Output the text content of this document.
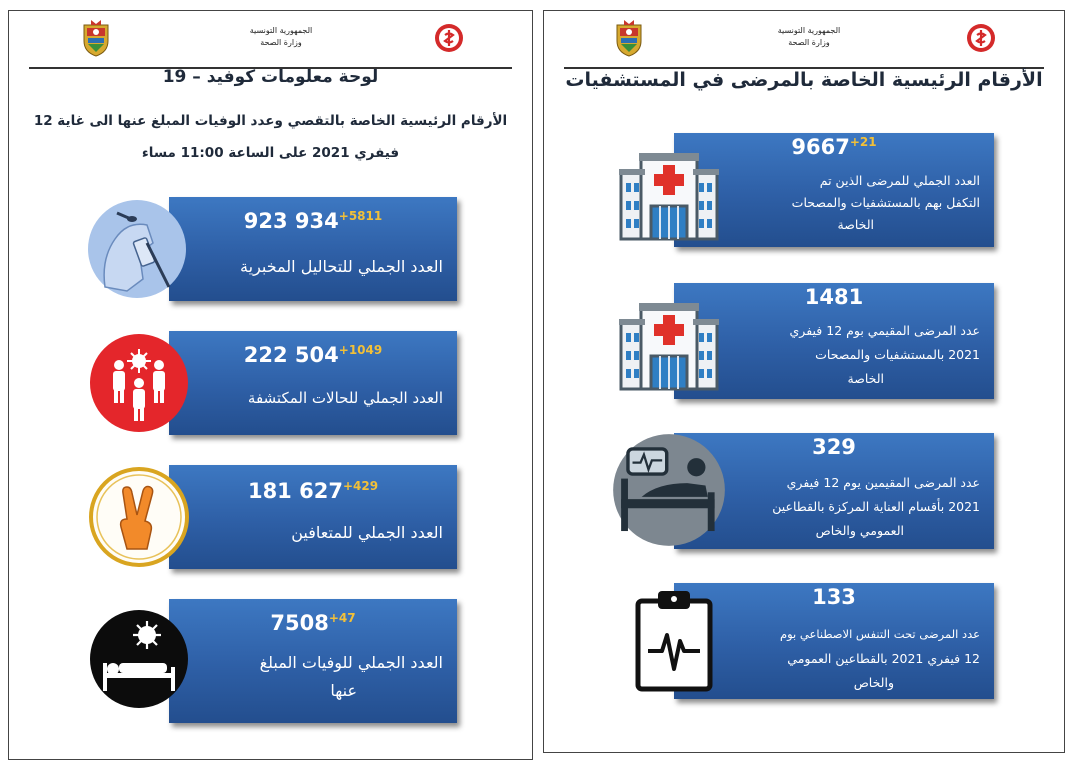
الجمهورية التونسية
وزارة الصحة
لوحة معلومات كوفيد – 19
الأرقام الرئيسية الخاصة بالتقصي وعدد الوفيات المبلغ عنها الى غاية 12
فيفري 2021 على الساعة 11:00 مساء
923 $934^{+5811}$
العدد الجملي للتحاليل المخبرية
222 $504^{+1049}$
العدد الجملي للحالات المكتشفة
181 $627^{+429}$
العدد الجملي للمتعافين
$7508^{+47}$
العدد الجملي للوفيات المبلغ
عنها
الجمهورية التونسية
وزارة الصحة
الأرقام الرئيسية الخاصة بالمرضى في المستشفيات
$9667^{+21}$
العدد الجملي للمرضى الذين تم
التكفل بهم بالمستشفيات والمصحات
الخاصة
1481
عدد المرضى المقيمي بوم 12 فيفري
2021 بالمستشفيات والمصحات
الخاصة
329
عدد المرضى المقيمين يوم 12 فيفري
2021 بأقسام العناية المركزة بالقطاعين
العمومي والخاص
133
عدد المرضى تحت التنفس الاصطناعي بوم
12 فيفري 2021 بالقطاعين العمومي
والخاص
